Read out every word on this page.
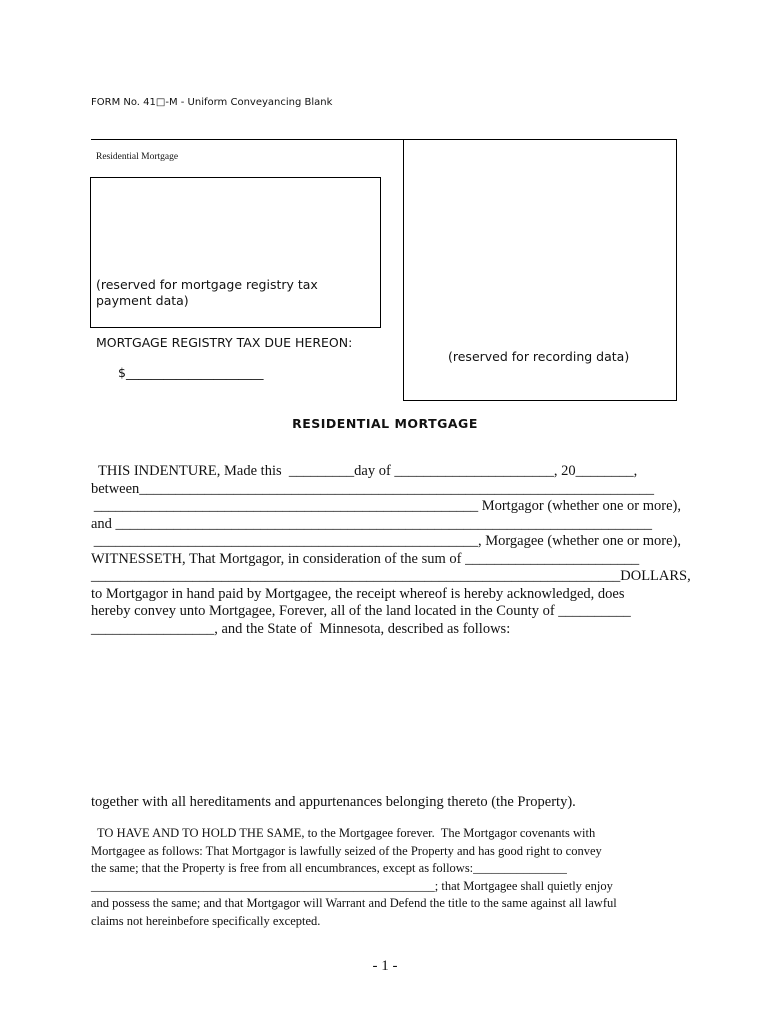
FORM No. 41□-M - Uniform Conveyancing Blank
Residential Mortgage
(reserved for mortgage registry tax payment data)
MORTGAGE REGISTRY TAX DUE HEREON:
$______________________
(reserved for recording data)
RESIDENTIAL MORTGAGE
THIS INDENTURE, Made this  _________day of ______________________, 20________,
between_______________________________________________________________________
_____________________________________________________ Mortgagor (whether one or more),
and __________________________________________________________________________
_____________________________________________________, Morgagee (whether one or more),
WITNESSETH, That Mortgagor, in consideration of the sum of ________________________
_________________________________________________________________________DOLLARS,
to Mortgagor in hand paid by Mortgagee, the receipt whereof is hereby acknowledged, does
hereby convey unto Mortgagee, Forever, all of the land located in the County of __________
_________________, and the State of  Minnesota, described as follows:
together with all hereditaments and appurtenances belonging thereto (the Property).
TO HAVE AND TO HOLD THE SAME, to the Mortgagee forever.  The Mortgagor covenants with
Mortgagee as follows: That Mortgagor is lawfully seized of the Property and has good right to convey
the same; that the Property is free from all encumbrances, except as follows:_______________
_______________________________________________________; that Mortgagee shall quietly enjoy
and possess the same; and that Mortgagor will Warrant and Defend the title to the same against all lawful
claims not hereinbefore specifically excepted.
- 1 -
